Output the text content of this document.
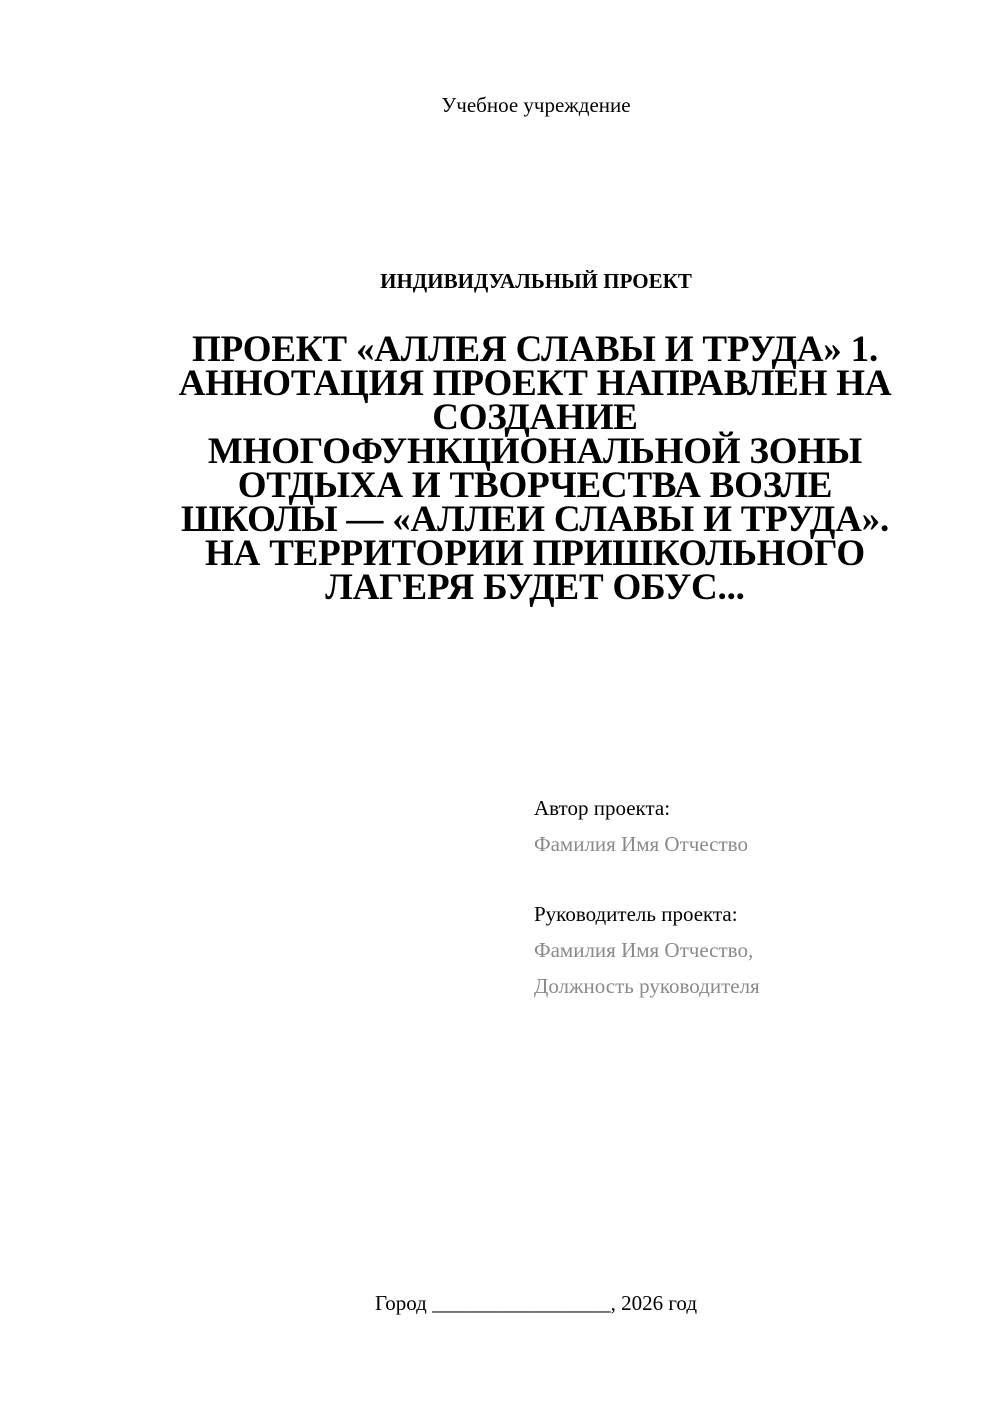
Учебное учреждение
ИНДИВИДУАЛЬНЫЙ ПРОЕКТ
ПРОЕКТ «АЛЛЕЯ СЛАВЫ И ТРУДА» 1.
АННОТАЦИЯ ПРОЕКТ НАПРАВЛЕН НА
СОЗДАНИЕ
МНОГОФУНКЦИОНАЛЬНОЙ ЗОНЫ
ОТДЫХА И ТВОРЧЕСТВА ВОЗЛЕ
ШКОЛЫ — «АЛЛЕИ СЛАВЫ И ТРУДА».
НА ТЕРРИТОРИИ ПРИШКОЛЬНОГО
ЛАГЕРЯ БУДЕТ ОБУС...
Автор проекта:
Фамилия Имя Отчество
Руководитель проекта:
Фамилия Имя Отчество,
Должность руководителя
Город _________________, 2026 год
